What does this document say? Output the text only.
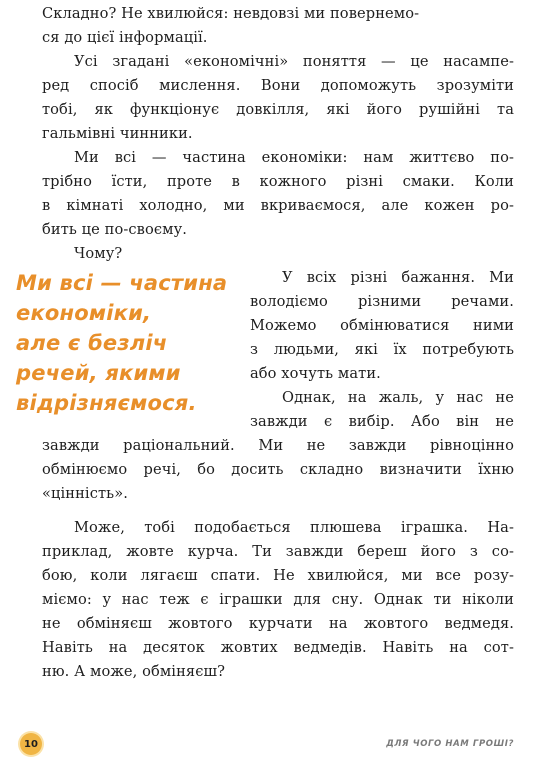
Складно? Не хвилюйся: невдовзі ми повернемо-
ся до цієї інформації.
Усі згадані «економічні» поняття — це насампе-
ред спосіб мислення. Вони допоможуть зрозуміти
тобі, як функціонує довкілля, які його рушійні та
гальмівні чинники.
Ми всі — частина економіки: нам життєво по-
трібно їсти, проте в кожного різні смаки. Коли
в кімнаті холодно, ми вкриваємося, але кожен ро-
бить це по-своєму.
Чому?
Ми всі — частина
економіки,
але є безліч
речей, якими
відрізняємося.
У всіх різні бажання. Ми
володіємо різними речами.
Можемо обмінюватися ними
з людьми, які їх потребують
або хочуть мати.
Однак, на жаль, у нас не
завжди є вибір. Або він не
завжди раціональний. Ми не завжди рівноцінно
обмінюємо речі, бо досить складно визначити їхню
«цінність».
Може, тобі подобається плюшева іграшка. На-
приклад, жовте курча. Ти завжди береш його з со-
бою, коли лягаєш спати. Не хвилюйся, ми все розу-
міємо: у нас теж є іграшки для сну. Однак ти ніколи
не обміняєш жовтого курчати на жовтого ведмедя.
Навіть на десяток жовтих ведмедів. Навіть на сот-
ню. А може, обміняєш?
10	ДЛЯ ЧОГО НАМ ГРОШІ?
